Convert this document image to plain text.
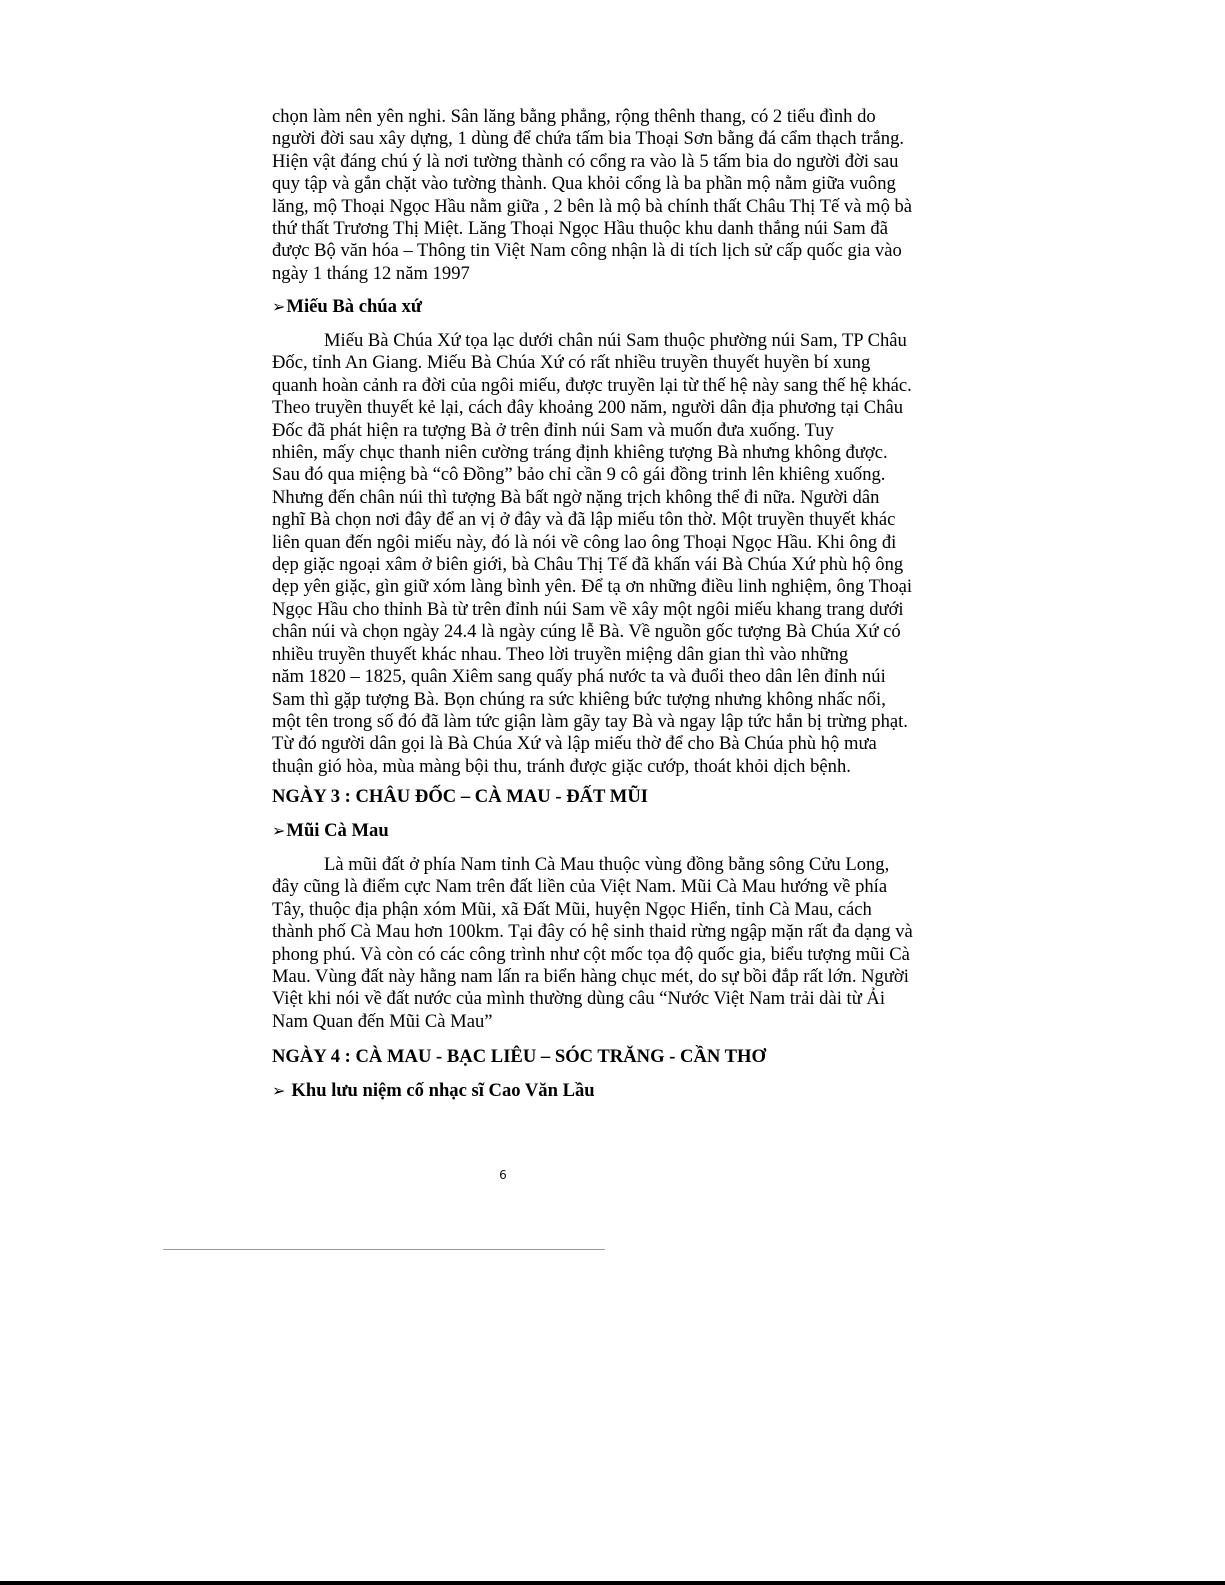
chọn làm nên yên nghi. Sân lăng bằng phẳng, rộng thênh thang, có 2 tiểu đình do
người đời sau xây dựng, 1 dùng để chứa tấm bia Thoại Sơn bằng đá cẩm thạch trắng.
Hiện vật đáng chú ý là nơi tường thành có cổng ra vào là 5 tấm bia do người đời sau
quy tập và gắn chặt vào tường thành. Qua khỏi cổng là ba phần mộ nằm giữa vuông
lăng, mộ Thoại Ngọc Hầu nằm giữa , 2 bên là mộ bà chính thất Châu Thị Tế và mộ bà
thứ thất Trương Thị Miệt. Lăng Thoại Ngọc Hầu thuộc khu danh thắng núi Sam đã
được Bộ văn hóa – Thông tin Việt Nam công nhận là di tích lịch sử cấp quốc gia vào
ngày 1 tháng 12 năm 1997

➢Miếu Bà chúa xứ

Miếu Bà Chúa Xứ tọa lạc dưới chân núi Sam thuộc phường núi Sam, TP Châu
Đốc, tỉnh An Giang. Miếu Bà Chúa Xứ có rất nhiều truyền thuyết huyền bí xung
quanh hoàn cảnh ra đời của ngôi miếu, được truyền lại từ thế hệ này sang thế hệ khác.
Theo truyền thuyết kẻ lại, cách đây khoảng 200 năm, người dân địa phương tại Châu
Đốc đã phát hiện ra tượng Bà ở trên đỉnh núi Sam và muốn đưa xuống. Tuy
nhiên, mấy chục thanh niên cường tráng định khiêng tượng Bà nhưng không được.
Sau đó qua miệng bà “cô Đồng” bảo chỉ cần 9 cô gái đồng trinh lên khiêng xuống.
Nhưng đến chân núi thì tượng Bà bất ngờ nặng trịch không thể đi nữa. Người dân
nghĩ Bà chọn nơi đây để an vị ở đây và đã lập miếu tôn thờ. Một truyền thuyết khác
liên quan đến ngôi miếu này, đó là nói về công lao ông Thoại Ngọc Hầu. Khi ông đi
dẹp giặc ngoại xâm ở biên giới, bà Châu Thị Tế đã khấn vái Bà Chúa Xứ phù hộ ông
dẹp yên giặc, gìn giữ xóm làng bình yên. Để tạ ơn những điều linh nghiệm, ông Thoại
Ngọc Hầu cho thỉnh Bà từ trên đỉnh núi Sam về xây một ngôi miếu khang trang dưới
chân núi và chọn ngày 24.4 là ngày cúng lễ Bà. Về nguồn gốc tượng Bà Chúa Xứ có
nhiều truyền thuyết khác nhau. Theo lời truyền miệng dân gian thì vào những
năm 1820 – 1825, quân Xiêm sang quấy phá nước ta và đuổi theo dân lên đỉnh núi
Sam thì gặp tượng Bà. Bọn chúng ra sức khiêng bức tượng nhưng không nhấc nổi,
một tên trong số đó đã làm tức giận làm gãy tay Bà và ngay lập tức hắn bị trừng phạt.
Từ đó người dân gọi là Bà Chúa Xứ và lập miếu thờ để cho Bà Chúa phù hộ mưa
thuận gió hòa, mùa màng bội thu, tránh được giặc cướp, thoát khỏi dịch bệnh.

NGÀY 3 : CHÂU ĐỐC – CÀ MAU - ĐẤT MŨI
➢Mũi Cà Mau

Là mũi đất ở phía Nam tỉnh Cà Mau thuộc vùng đồng bằng sông Cửu Long,
đây cũng là điểm cực Nam trên đất liền của Việt Nam. Mũi Cà Mau hướng về phía
Tây, thuộc địa phận xóm Mũi, xã Đất Mũi, huyện Ngọc Hiển, tỉnh Cà Mau, cách
thành phố Cà Mau hơn 100km. Tại đây có hệ sinh thaid rừng ngập mặn rất đa dạng và
phong phú. Và còn có các công trình như cột mốc tọa độ quốc gia, biểu tượng mũi Cà
Mau. Vùng đất này hằng nam lấn ra biển hàng chục mét, do sự bồi đắp rất lớn. Người
Việt khi nói về đất nước của mình thường dùng câu “Nước Việt Nam trải dài từ Ải
Nam Quan đến Mũi Cà Mau”

NGÀY 4 : CÀ MAU - BẠC LIÊU – SÓC TRĂNG - CẦN THƠ
➢ Khu lưu niệm cố nhạc sĩ Cao Văn Lầu
6
